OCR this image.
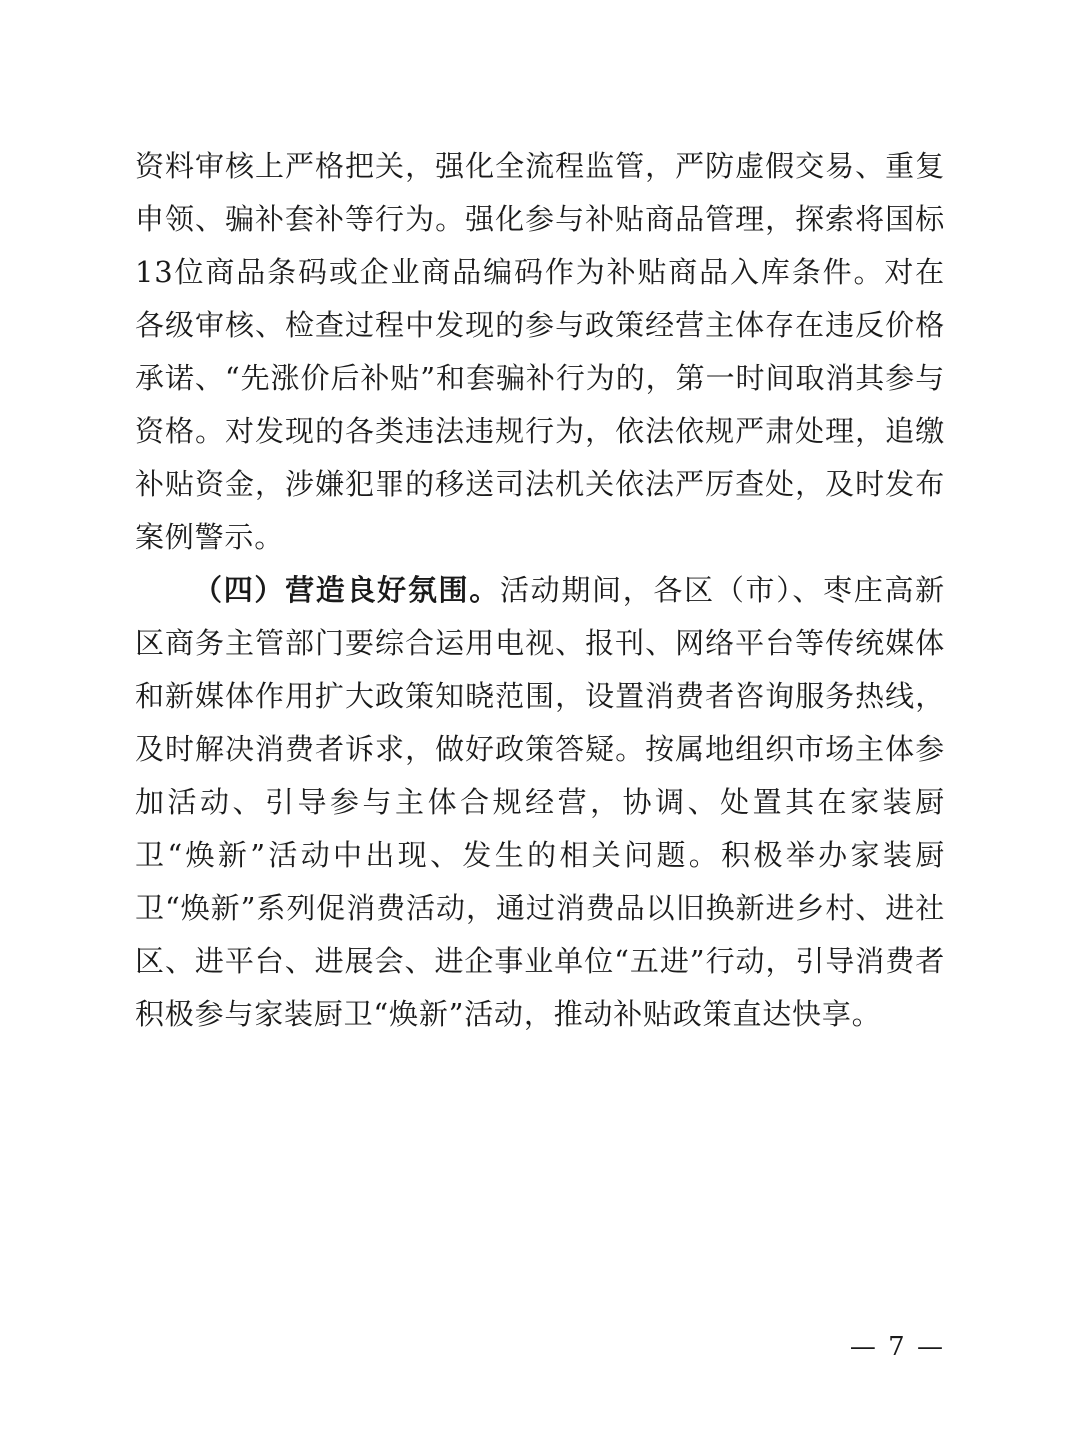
资料审核上严格把关，强化全流程监管，严防虚假交易、重复申领、骗补套补等行为。强化参与补贴商品管理，探索将国标13位商品条码或企业商品编码作为补贴商品入库条件。对在各级审核、检查过程中发现的参与政策经营主体存在违反价格承诺、“先涨价后补贴”和套骗补行为的，第一时间取消其参与资格。对发现的各类违法违规行为，依法依规严肃处理，追缴补贴资金，涉嫌犯罪的移送司法机关依法严厉查处，及时发布案例警示。

（四）营造良好氛围。活动期间，各区（市）、枣庄高新区商务主管部门要综合运用电视、报刊、网络平台等传统媒体和新媒体作用扩大政策知晓范围，设置消费者咨询服务热线，及时解决消费者诉求，做好政策答疑。按属地组织市场主体参加活动、引导参与主体合规经营，协调、处置其在家装厨卫“焕新”活动中出现、发生的相关问题。积极举办家装厨卫“焕新”系列促消费活动，通过消费品以旧换新进乡村、进社区、进平台、进展会、进企事业单位“五进”行动，引导消费者积极参与家装厨卫“焕新”活动，推动补贴政策直达快享。

— 7 —
